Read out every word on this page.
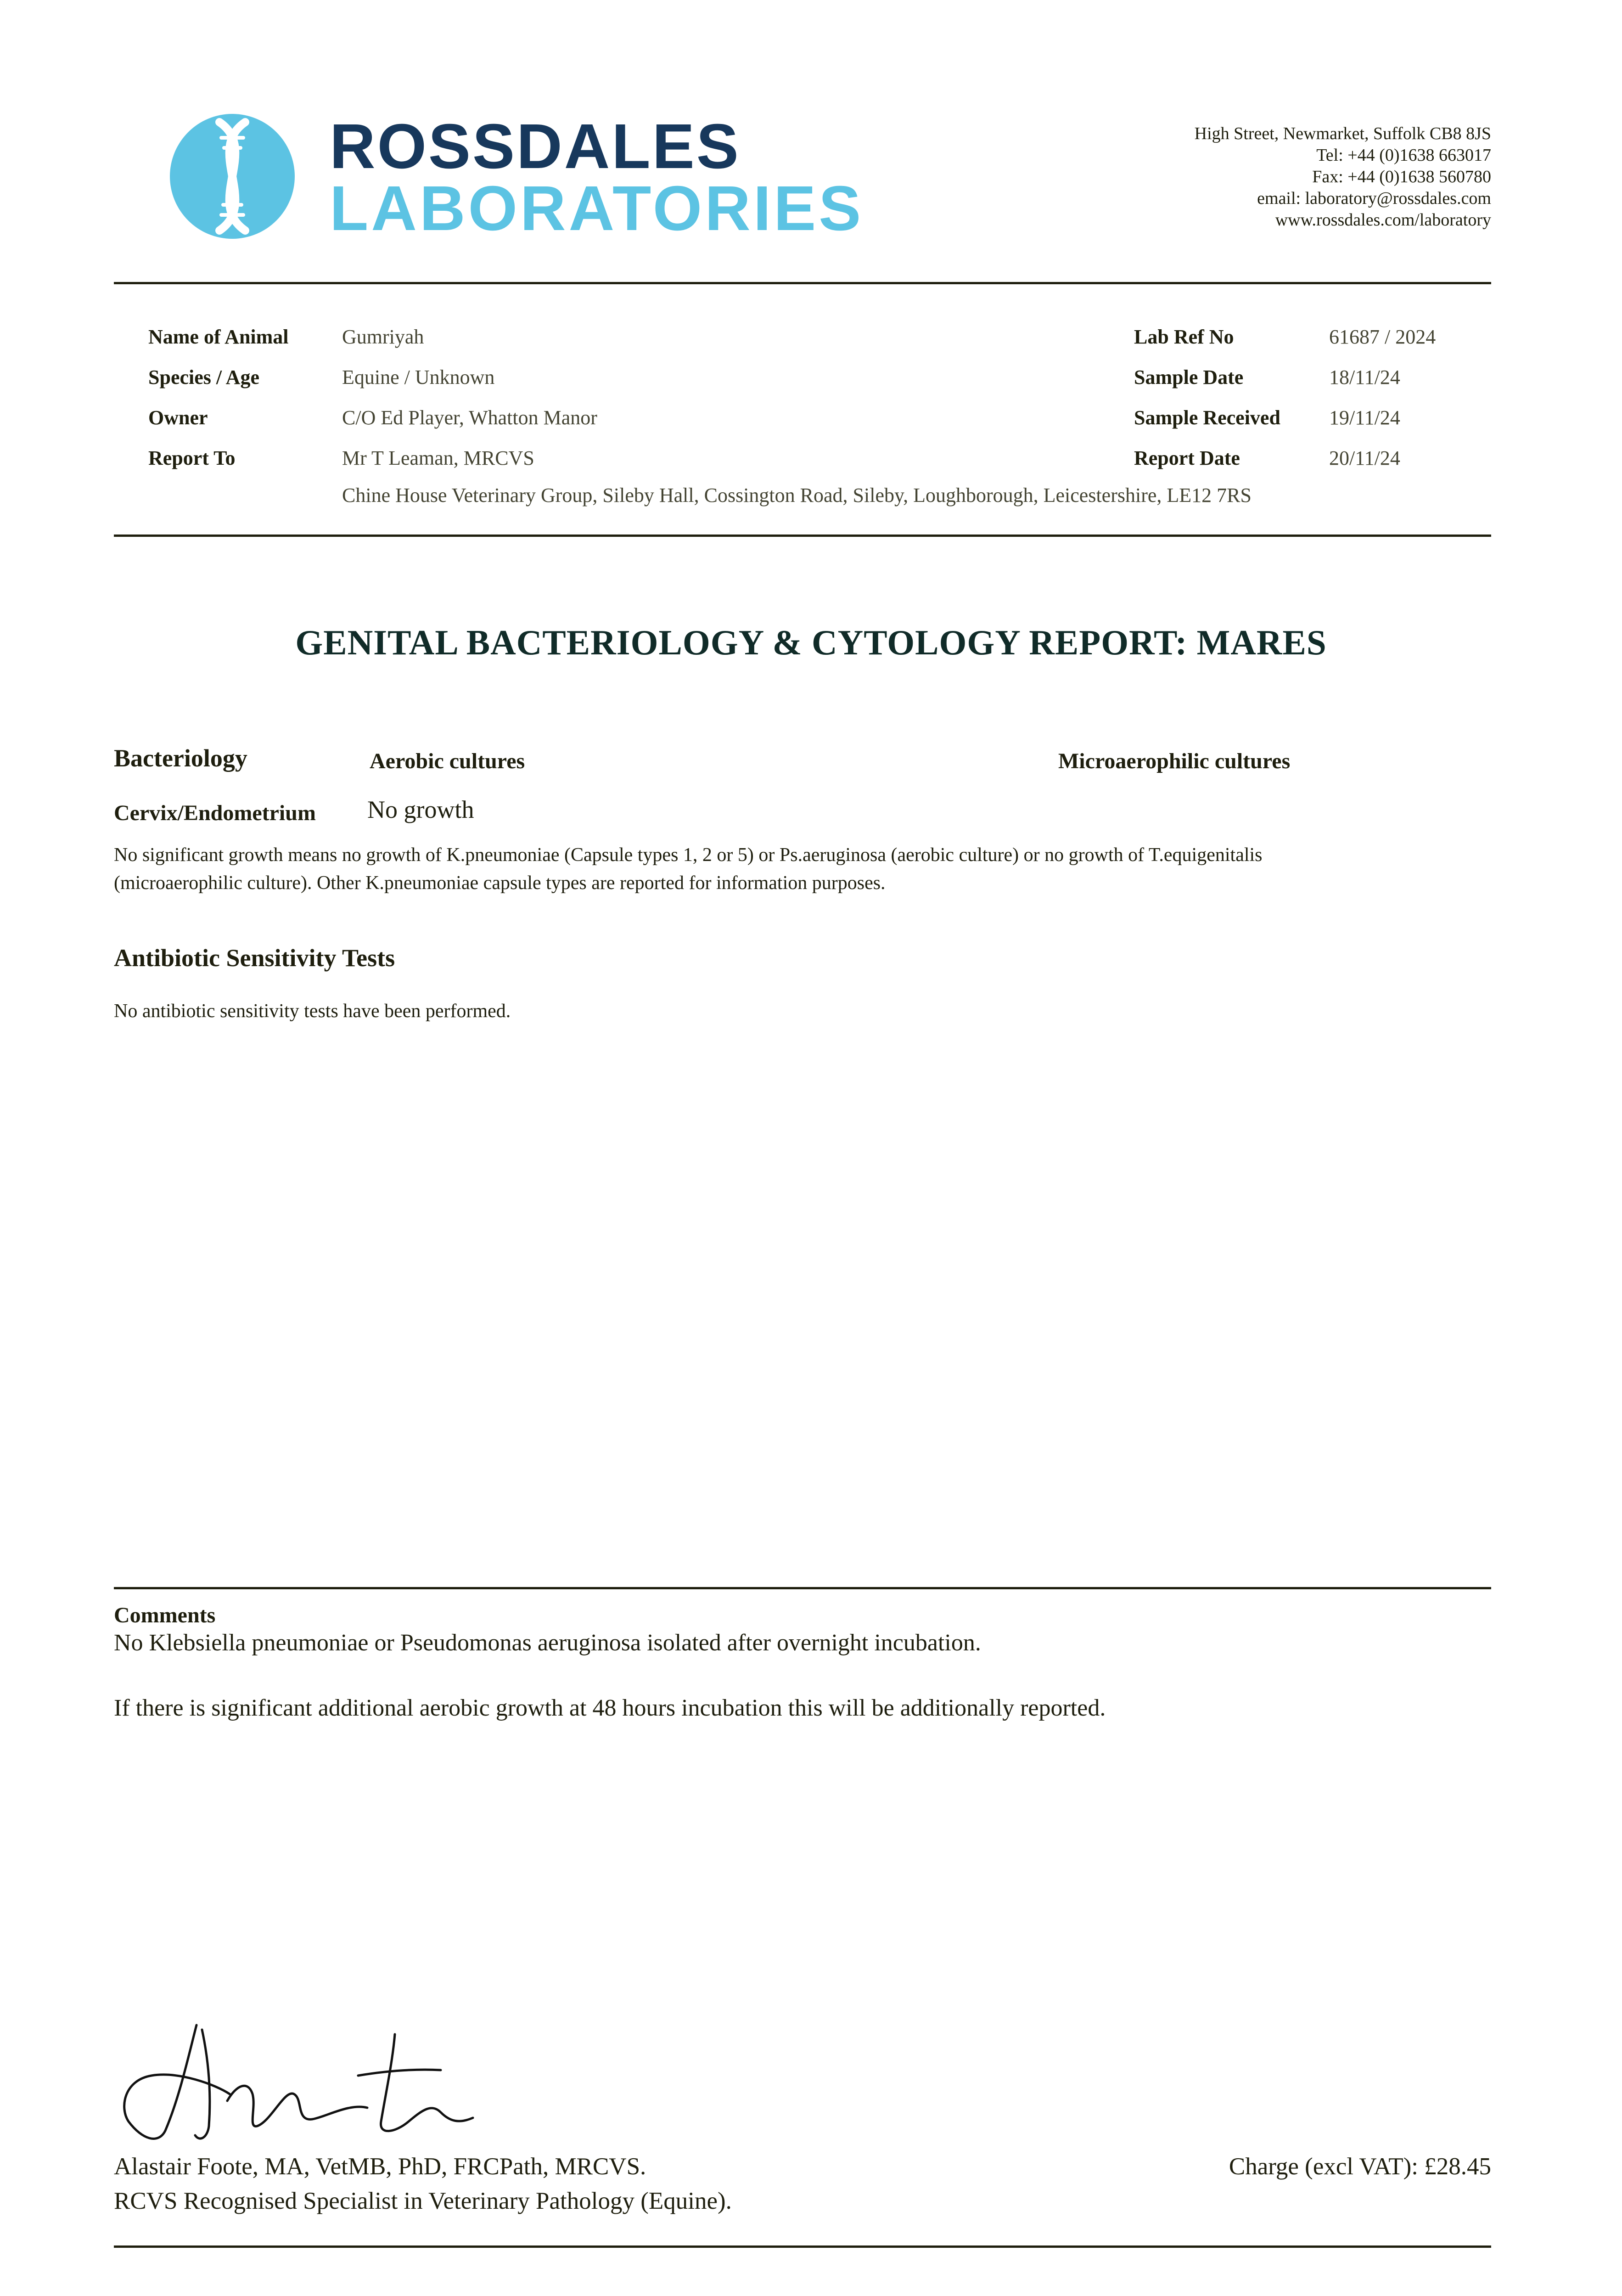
ROSSDALES
LABORATORIES
High Street, Newmarket, Suffolk CB8 8JS
Tel: +44 (0)1638 663017
Fax: +44 (0)1638 560780
email: laboratory@rossdales.com
www.rossdales.com/laboratory
Name of Animal	Gumriyah
Species / Age	Equine / Unknown
Owner	C/O Ed Player, Whatton Manor
Report To	Mr T Leaman, MRCVS
Chine House Veterinary Group, Sileby Hall, Cossington Road, Sileby, Loughborough, Leicestershire, LE12 7RS
Lab Ref No	61687 / 2024
Sample Date	18/11/24
Sample Received 19/11/24
Report Date	20/11/24
GENITAL BACTERIOLOGY & CYTOLOGY REPORT: MARES
Bacteriology	Aerobic cultures	Microaerophilic cultures
Cervix/Endometrium No growth
No significant growth means no growth of K.pneumoniae (Capsule types 1, 2 or 5) or Ps.aeruginosa (aerobic culture) or no growth of T.equigenitalis
(microaerophilic culture). Other K.pneumoniae capsule types are reported for information purposes.
Antibiotic Sensitivity Tests
No antibiotic sensitivity tests have been performed.
Comments
No Klebsiella pneumoniae or Pseudomonas aeruginosa isolated after overnight incubation.
If there is significant additional aerobic growth at 48 hours incubation this will be additionally reported.
Alastair Foote, MA, VetMB, PhD, FRCPath, MRCVS.
RCVS Recognised Specialist in Veterinary Pathology (Equine).
Charge (excl VAT): £28.45
